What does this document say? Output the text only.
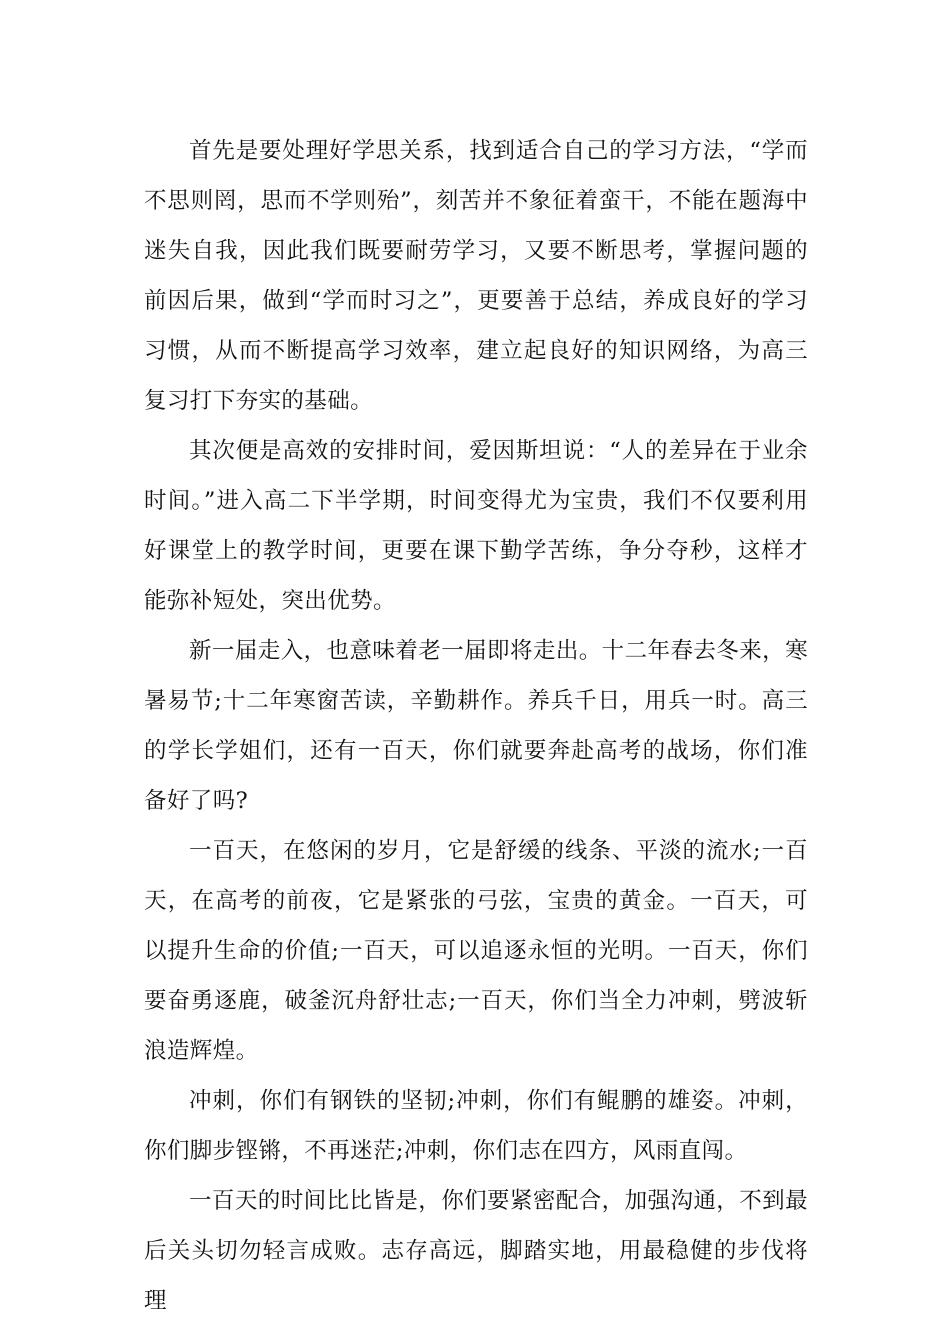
首先是要处理好学思关系，找到适合自己的学习方法，“学而不思则罔，思而不学则殆”，刻苦并不象征着蛮干，不能在题海中迷失自我，因此我们既要耐劳学习，又要不断思考，掌握问题的前因后果，做到“学而时习之”，更要善于总结，养成良好的学习习惯，从而不断提高学习效率，建立起良好的知识网络，为高三复习打下夯实的基础。

其次便是高效的安排时间，爱因斯坦说：“人的差异在于业余时间。”进入高二下半学期，时间变得尤为宝贵，我们不仅要利用好课堂上的教学时间，更要在课下勤学苦练，争分夺秒，这样才能弥补短处，突出优势。

新一届走入，也意味着老一届即将走出。十二年春去冬来，寒暑易节;十二年寒窗苦读，辛勤耕作。养兵千日，用兵一时。高三的学长学姐们，还有一百天，你们就要奔赴高考的战场，你们准备好了吗?

一百天，在悠闲的岁月，它是舒缓的线条、平淡的流水;一百天，在高考的前夜，它是紧张的弓弦，宝贵的黄金。一百天，可以提升生命的价值;一百天，可以追逐永恒的光明。一百天，你们要奋勇逐鹿，破釜沉舟舒壮志;一百天，你们当全力冲刺，劈波斩浪造辉煌。

冲刺，你们有钢铁的坚韧;冲刺，你们有鲲鹏的雄姿。冲刺，你们脚步铿锵，不再迷茫;冲刺，你们志在四方，风雨直闯。

一百天的时间比比皆是，你们要紧密配合，加强沟通，不到最后关头切勿轻言成败。志存高远，脚踏实地，用最稳健的步伐将理
